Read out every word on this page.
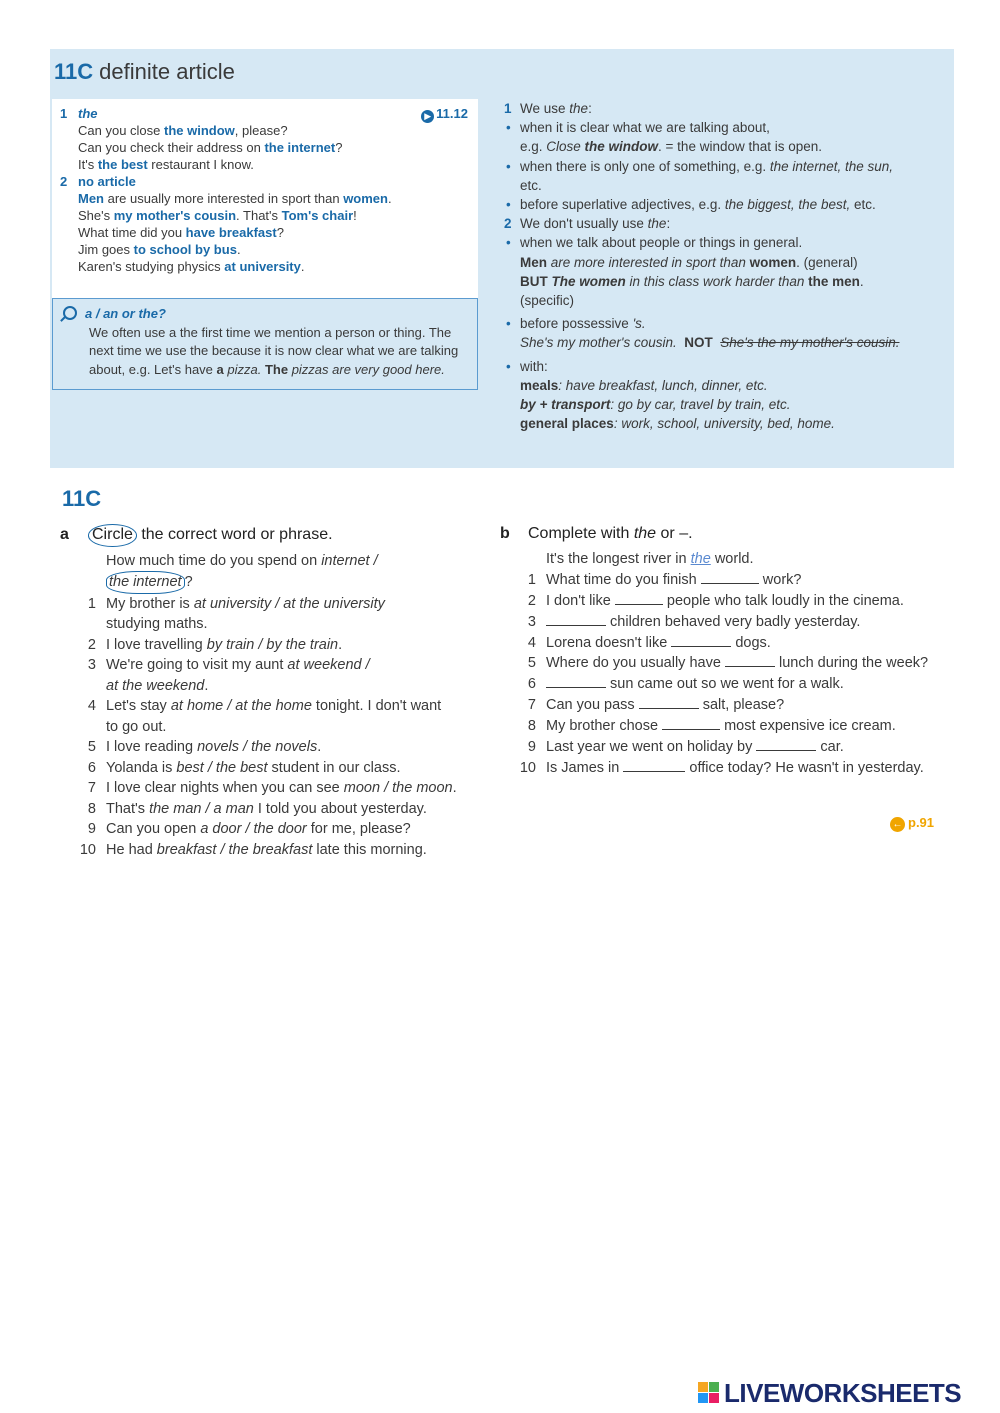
11C definite article
▶ 11.12
1 the
Can you close the window, please?
Can you check their address on the internet?
It's the best restaurant I know.
2 no article
Men are usually more interested in sport than women.
She's my mother's cousin. That's Tom's chair!
What time did you have breakfast?
Jim goes to school by bus.
Karen's studying physics at university.
a / an or the?
We often use a the first time we mention a person or thing. The
next time we use the because it is now clear what we are talking
about, e.g. Let's have a pizza. The pizzas are very good here.
1 We use the:
• when it is clear what we are talking about,
e.g. Close the window. = the window that is open.
• when there is only one of something, e.g. the internet, the sun,
etc.
• before superlative adjectives, e.g. the biggest, the best, etc.
2 We don't usually use the:
• when we talk about people or things in general.
Men are more interested in sport than women. (general)
BUT The women in this class work harder than the men.
(specific)
• before possessive 's.
She's my mother's cousin. NOT She's the my mother's cousin.
• with:
meals: have breakfast, lunch, dinner, etc.
by + transport: go by car, travel by train, etc.
general places: work, school, university, bed, home.
11C
a Circle the correct word or phrase.
How much time do you spend on internet /
the internet ?
1 My brother is at university / at the university
studying maths.
2 I love travelling by train / by the train.
3 We're going to visit my aunt at weekend /
at the weekend.
4 Let's stay at home / at the home tonight. I don't want
to go out.
5 I love reading novels / the novels.
6 Yolanda is best / the best student in our class.
7 I love clear nights when you can see moon / the moon.
8 That's the man / a man I told you about yesterday.
9 Can you open a door / the door for me, please?
10 He had breakfast / the breakfast late this morning.
b Complete with the or –.
It's the longest river in the world.
1 What time do you finish	work?
2 I don't like	people who talk loudly in the cinema.
3	children behaved very badly yesterday.
4 Lorena doesn't like	dogs.
5 Where do you usually have	lunch during the week?
6	sun came out so we went for a walk.
7 Can you pass	salt, please?
8 My brother chose	most expensive ice cream.
9 Last year we went on holiday by	car.
10 Is James in	office today? He wasn't in yesterday.
← p.91
LIVEWORKSHEETS
